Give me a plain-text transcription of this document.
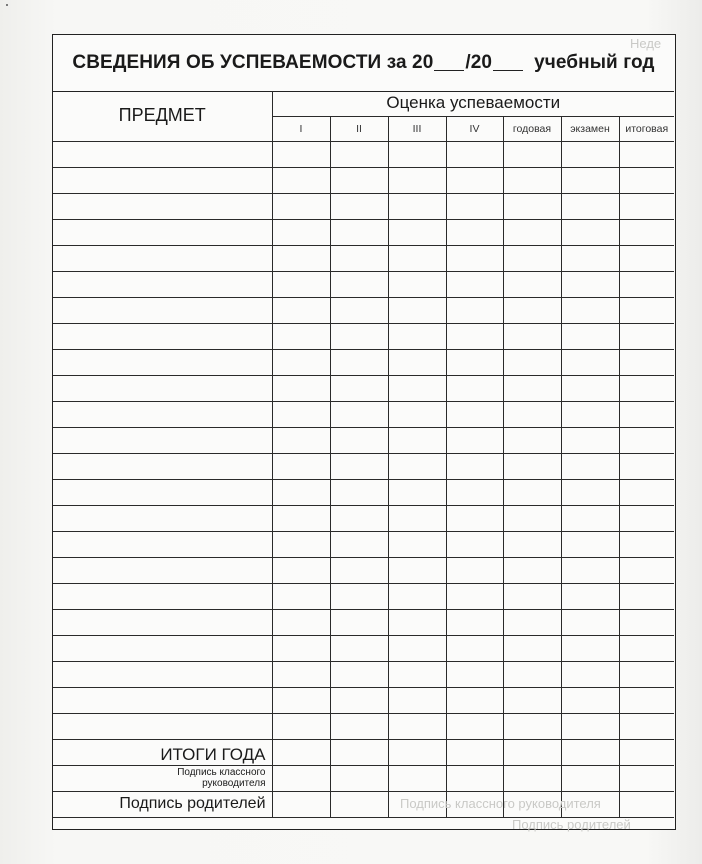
СВЕДЕНИЯ ОБ УСПЕВАЕМОСТИ за 20 /20 учебный год
ПРЕДМЕТ	Оценка успеваемости						
	I	II	III	IV	годовая	экзамен	итоговая

ИТОГИ ГОДА							
Подпись классного
руководителя							
Подпись родителей							
Неде
Подпись классного руководителя
Подпись родителей
